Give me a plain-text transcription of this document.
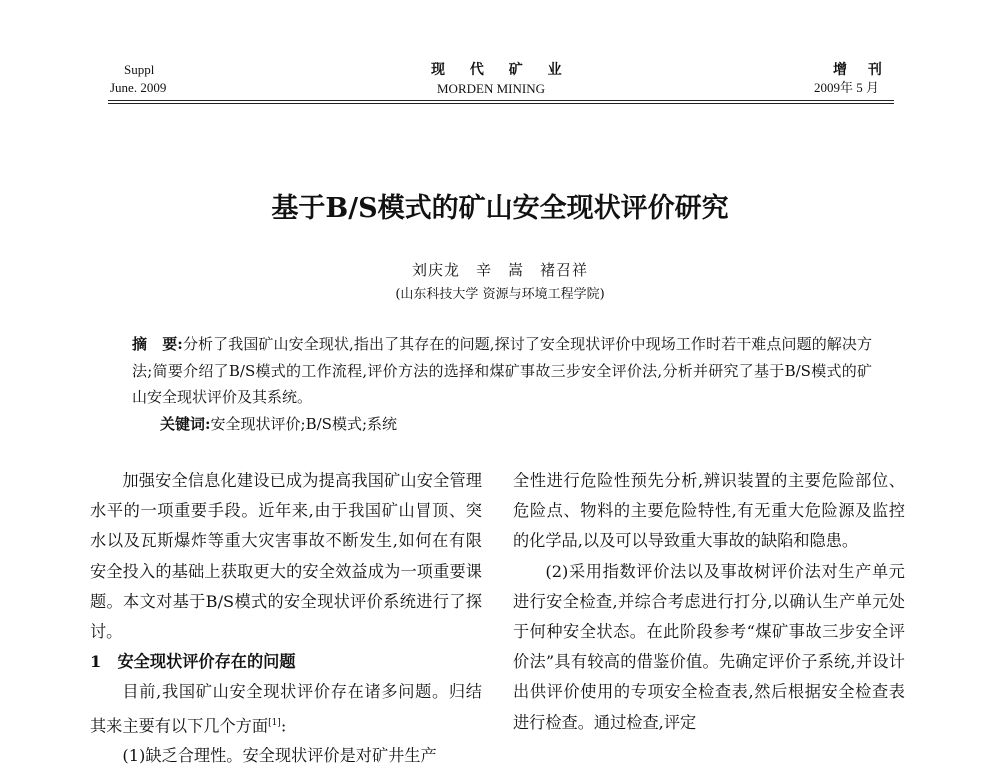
Suppl
June. 2009
现 代 矿 业
MORDEN MINING
增 刊
2009年 5 月
基于B/S模式的矿山安全现状评价研究
刘庆龙　辛　嵩　褚召祥
(山东科技大学 资源与环境工程学院)
摘　要:分析了我国矿山安全现状,指出了其存在的问题,探讨了安全现状评价中现场工作时若干难点问题的解决方法;简要介绍了B/S模式的工作流程,评价方法的选择和煤矿事故三步安全评价法,分析并研究了基于B/S模式的矿山安全现状评价及其系统。
关键词:安全现状评价;B/S模式;系统

加强安全信息化建设已成为提高我国矿山安全管理水平的一项重要手段。近年来,由于我国矿山冒顶、突水以及瓦斯爆炸等重大灾害事故不断发生,如何在有限安全投入的基础上获取更大的安全效益成为一项重要课题。本文对基于B/S模式的安全现状评价系统进行了探讨。

1　安全现状评价存在的问题

目前,我国矿山安全现状评价存在诸多问题。归结其来主要有以下几个方面[1]:

(1)缺乏合理性。安全现状评价是对矿井生产

全性进行危险性预先分析,辨识装置的主要危险部位、危险点、物料的主要危险特性,有无重大危险源及监控的化学品,以及可以导致重大事故的缺陷和隐患。

(2)采用指数评价法以及事故树评价法对生产单元进行安全检查,并综合考虑进行打分,以确认生产单元处于何种安全状态。在此阶段参考“煤矿事故三步安全评价法”具有较高的借鉴价值。先确定评价子系统,并设计出供评价使用的专项安全检查表,然后根据安全检查表进行检查。通过检查,评定
